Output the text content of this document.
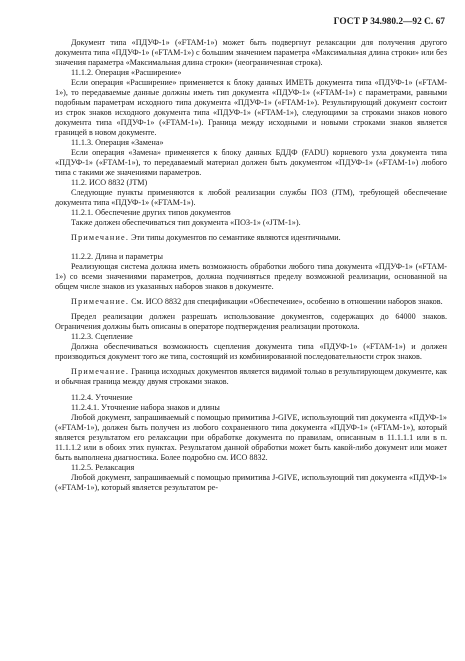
ГОСТ Р 34.980.2—92 С. 67

Документ типа «ПДУФ-1» («FTAM-1») может быть подвергнут релаксации для получения другого документа типа «ПДУФ-1» («FTAM-1») с большим значением параметра «Максимальная длина строки» или без значения параметра «Максимальная длина строки» (неограниченная строка).

11.1.2. Операция «Расширение»

Если операция «Расширение» применяется к блоку данных ИМЕТЬ документа типа «ПДУФ-1» («FTAM-1»), то передаваемые данные должны иметь тип документа «ПДУФ-1» («FTAM-1») с параметрами, равными подобным параметрам исходного типа документа «ПДУФ-1» («FTAM-1»). Результирующий документ состоит из строк знаков исходного документа типа «ПДУФ-1» («FTAM-1»), следующими за строками знаков нового документа типа «ПДУФ-1» («FTAM-1»). Граница между исходными и новыми строками знаков является границей в новом документе.

11.1.3. Операция «Замена»

Если операция «Замена» применяется к блоку данных БДДФ (FADU) корневого узла документа типа «ПДУФ-1» («FTAM-1»), то передаваемый материал должен быть документом «ПДУФ-1» («FTAM-1») любого типа с такими же значениями параметров.

11.2. ИСО 8832 (JTM)

Следующие пункты применяются к любой реализации службы ПОЗ (JTM), требующей обеспечение документа типа «ПДУФ-1» («FTAM-1»).

11.2.1. Обеспечение других типов документов

Также должен обеспечиваться тип документа «ПОЗ-1» («JTM-1»).

Примечание. Эти типы документов по семантике являются идентичными.

11.2.2. Длина и параметры

Реализующая система должна иметь возможность обработки любого типа документа «ПДУФ-1» («FTAM-1») со всеми значениями параметров, должна подчиняться пределу возможной реализации, основанной на общем числе знаков из указанных наборов знаков в документе.

Примечание. См. ИСО 8832 для спецификации «Обеспечение», особенно в отношении наборов знаков.

Предел реализации должен разрешать использование документов, содержащих до 64000 знаков. Ограничения должны быть описаны в операторе подтверждения реализации протокола.

11.2.3. Сцепление

Должна обеспечиваться возможность сцепления документа типа «ПДУФ-1» («FTAM-1») и должен производиться документ того же типа, состоящий из комбинированной последовательности строк знаков.

Примечание. Граница исходных документов является видимой только в результирующем документе, как и обычная граница между двумя строками знаков.

11.2.4. Уточнение

11.2.4.1. Уточнение набора знаков и длины

Любой документ, запрашиваемый с помощью примитива J-GIVE, использующий тип документа «ПДУФ-1» («FTAM-1»), должен быть получен из любого сохраненного типа документа «ПДУФ-1» («FTAM-1»), который является результатом его релаксации при обработке документа по правилам, описанным в 11.1.1.1 или в п. 11.1.1.2 или в обоих этих пунктах. Результатом данной обработки может быть какой-либо документ или может быть выполнена диагностика. Более подробно см. ИСО 8832.

11.2.5. Релаксация

Любой документ, запрашиваемый с помощью примитива J-GIVE, использующий тип документа «ПДУФ-1» («FTAM-1»), который является результатом ре-
